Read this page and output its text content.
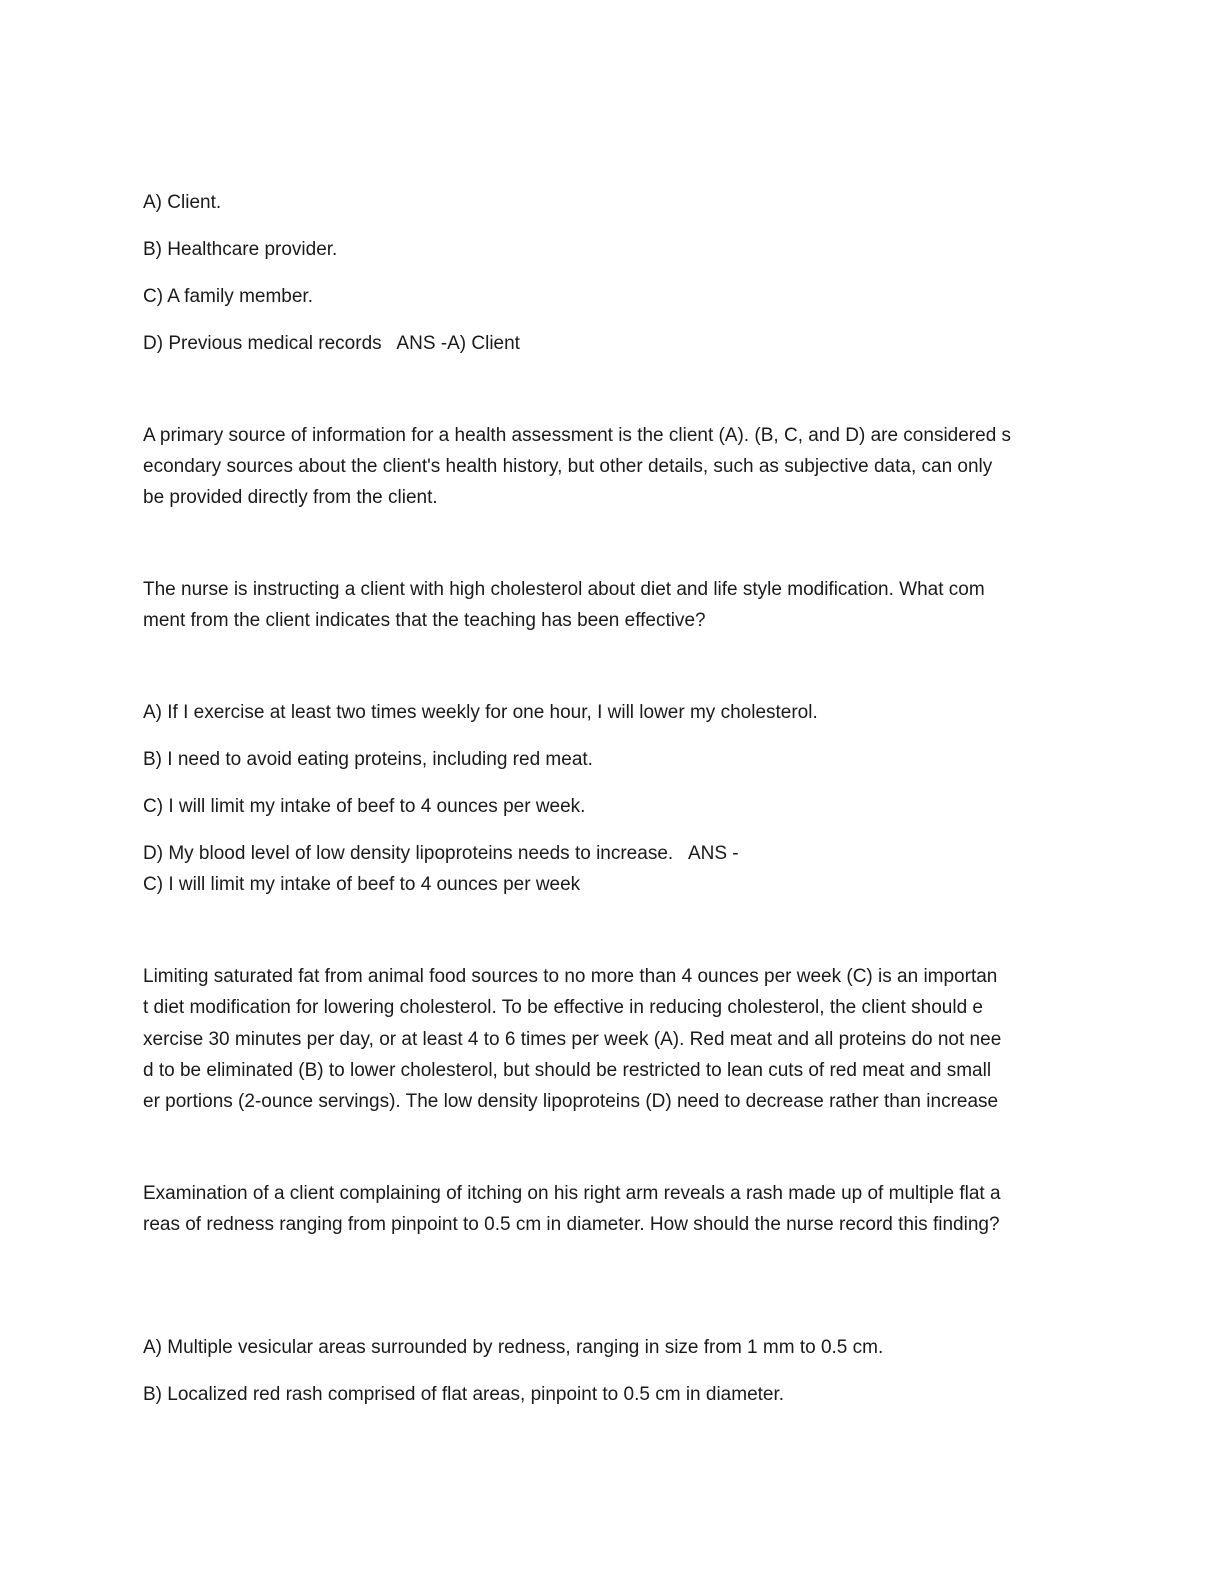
A) Client.
B) Healthcare provider.
C) A family member.
D) Previous medical records   ANS -A) Client
A primary source of information for a health assessment is the client (A). (B, C, and D) are considered s
econdary sources about the client's health history, but other details, such as subjective data, can only
be provided directly from the client.
The nurse is instructing a client with high cholesterol about diet and life style modification. What com
ment from the client indicates that the teaching has been effective?
A) If I exercise at least two times weekly for one hour, I will lower my cholesterol.
B) I need to avoid eating proteins, including red meat.
C) I will limit my intake of beef to 4 ounces per week.
D) My blood level of low density lipoproteins needs to increase.   ANS -
C) I will limit my intake of beef to 4 ounces per week
Limiting saturated fat from animal food sources to no more than 4 ounces per week (C) is an importan
t diet modification for lowering cholesterol. To be effective in reducing cholesterol, the client should e
xercise 30 minutes per day, or at least 4 to 6 times per week (A). Red meat and all proteins do not nee
d to be eliminated (B) to lower cholesterol, but should be restricted to lean cuts of red meat and small
er portions (2-ounce servings). The low density lipoproteins (D) need to decrease rather than increase
Examination of a client complaining of itching on his right arm reveals a rash made up of multiple flat a
reas of redness ranging from pinpoint to 0.5 cm in diameter. How should the nurse record this finding?
A) Multiple vesicular areas surrounded by redness, ranging in size from 1 mm to 0.5 cm.
B) Localized red rash comprised of flat areas, pinpoint to 0.5 cm in diameter.
